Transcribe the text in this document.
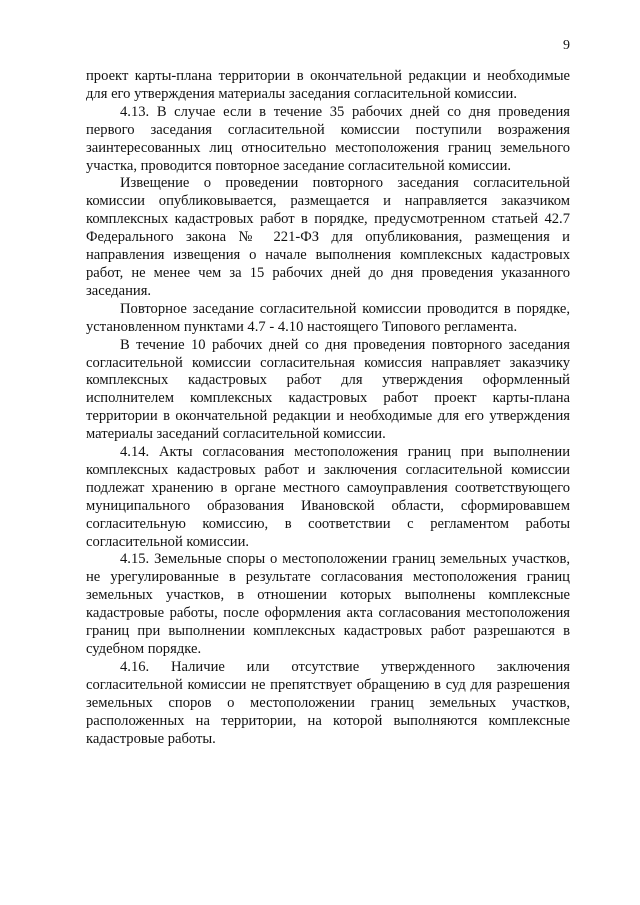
9

проект карты-плана территории в окончательной редакции и необходимые для его утверждения материалы заседания согласительной комиссии.

4.13. В случае если в течение 35 рабочих дней со дня проведения первого заседания согласительной комиссии поступили возражения заинтересованных лиц относительно местоположения границ земельного участка, проводится повторное заседание согласительной комиссии.

Извещение о проведении повторного заседания согласительной комиссии опубликовывается, размещается и направляется заказчиком комплексных кадастровых работ в порядке, предусмотренном статьей 42.7 Федерального закона № 221-ФЗ для опубликования, размещения и направления извещения о начале выполнения комплексных кадастровых работ, не менее чем за 15 рабочих дней до дня проведения указанного заседания.

Повторное заседание согласительной комиссии проводится в порядке, установленном пунктами 4.7 - 4.10 настоящего Типового регламента.

В течение 10 рабочих дней со дня проведения повторного заседания согласительной комиссии согласительная комиссия направляет заказчику комплексных кадастровых работ для утверждения оформленный исполнителем комплексных кадастровых работ проект карты-плана территории в окончательной редакции и необходимые для его утверждения материалы заседаний согласительной комиссии.

4.14. Акты согласования местоположения границ при выполнении комплексных кадастровых работ и заключения согласительной комиссии подлежат хранению в органе местного самоуправления соответствующего муниципального образования Ивановской области, сформировавшем согласительную комиссию, в соответствии с регламентом работы согласительной комиссии.

4.15. Земельные споры о местоположении границ земельных участков, не урегулированные в результате согласования местоположения границ земельных участков, в отношении которых выполнены комплексные кадастровые работы, после оформления акта согласования местоположения границ при выполнении комплексных кадастровых работ разрешаются в судебном порядке.

4.16. Наличие или отсутствие утвержденного заключения согласительной комиссии не препятствует обращению в суд для разрешения земельных споров о местоположении границ земельных участков, расположенных на территории, на которой выполняются комплексные кадастровые работы.
